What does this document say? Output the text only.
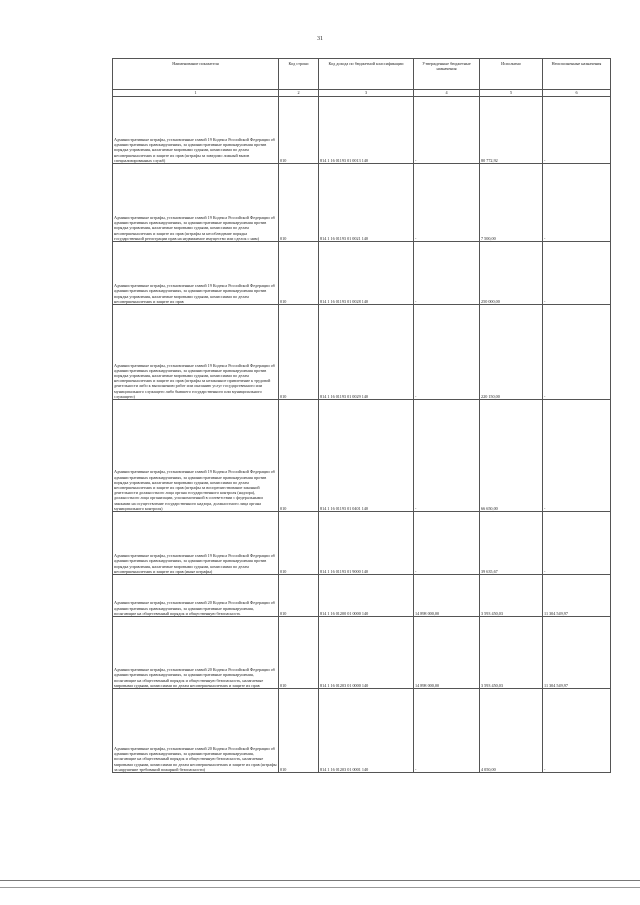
31
Наименование показателя	Код строки	Код дохода по бюджетной классификации	Утвержденные бюджетные назначения	Исполнено	Неисполненные назначения
1	2	3	4	5	6
Административные штрафы, установленные главой 19 Кодекса Российской Федерации об административных правонарушениях, за административные правонарушения против порядка управления, налагаемые мировыми судьями, комиссиями по делам несовершеннолетних и защите их прав (штрафы за заведомо ложный вызов специализированных служб)	010	814 1 16 01193 01 0013 140	-	80 772,92	-
Административные штрафы, установленные главой 19 Кодекса Российской Федерации об административных правонарушениях, за административные правонарушения против порядка управления, налагаемые мировыми судьями, комиссиями по делам несовершеннолетних и защите их прав (штрафы за несоблюдение порядка государственной регистрации прав на недвижимое имущество или сделок с ним)	010	814 1 16 01193 01 0021 140	-	7 500,00	-
Административные штрафы, установленные главой 19 Кодекса Российской Федерации об административных правонарушениях, за административные правонарушения против порядка управления, налагаемые мировыми судьями, комиссиями по делам несовершеннолетних и защите их прав	010	814 1 16 01193 01 0028 140	-	250 000,00	-
Административные штрафы, установленные главой 19 Кодекса Российской Федерации об административных правонарушениях, за административные правонарушения против порядка управления, налагаемые мировыми судьями, комиссиями по делам несовершеннолетних и защите их прав (штрафы за незаконное привлечение к трудовой деятельности либо к выполнению работ или оказанию услуг государственного или муниципального служащего либо бывшего государственного или муниципального служащего)	010	814 1 16 01193 01 0029 140	-	220 150,00	-
Административные штрафы, установленные главой 19 Кодекса Российской Федерации об административных правонарушениях, за административные правонарушения против порядка управления, налагаемые мировыми судьями, комиссиями по делам несовершеннолетних и защите их прав (штрафы за воспрепятствование законной деятельности должностного лица органа государственного контроля (надзора), должностного лица организации, уполномоченной в соответствии с федеральными законами на осуществление государственного надзора, должностного лица органа муниципального контроля)	010	814 1 16 01193 01 0401 140	-	66 650,00	-
Административные штрафы, установленные главой 19 Кодекса Российской Федерации об административных правонарушениях, за административные правонарушения против порядка управления, налагаемые мировыми судьями, комиссиями по делам несовершеннолетних и защите их прав (иные штрафы)	010	814 1 16 01193 01 9000 140	-	39 635,67	-
Административные штрафы, установленные главой 20 Кодекса Российской Федерации об административных правонарушениях, за административные правонарушения, посягающие на общественный порядок и общественную безопасность	010	814 1 16 01200 01 0000 140	14 898 000,00	3 593 450,03	11 304 549,97
Административные штрафы, установленные главой 20 Кодекса Российской Федерации об административных правонарушениях, за административные правонарушения, посягающие на общественный порядок и общественную безопасность, налагаемые мировыми судьями, комиссиями по делам несовершеннолетних и защите их прав	010	814 1 16 01203 01 0000 140	14 898 000,00	3 593 450,03	11 304 549,97
Административные штрафы, установленные главой 20 Кодекса Российской Федерации об административных правонарушениях, за административные правонарушения, посягающие на общественный порядок и общественную безопасность, налагаемые мировыми судьями, комиссиями по делам несовершеннолетних и защите их прав (штрафы за нарушение требований пожарной безопасности)	010	814 1 16 01203 01 0001 140	-	4 050,00	-
